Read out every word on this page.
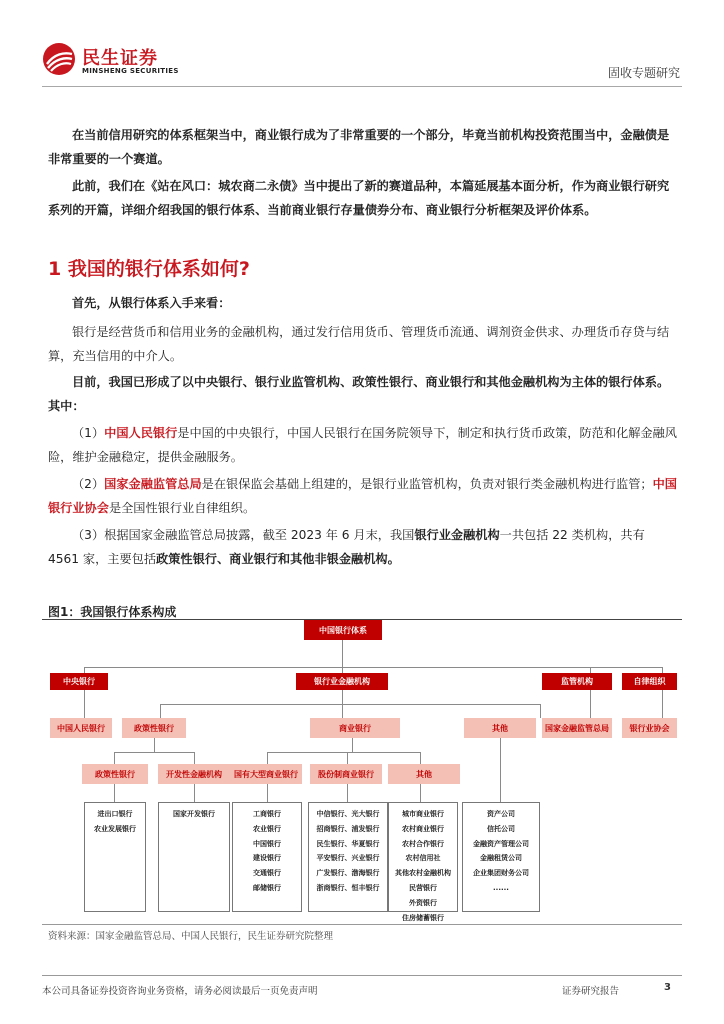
民生证券
MINSHENG SECURITIES	固收专题研究

在当前信用研究的体系框架当中，商业银行成为了非常重要的一个部分，毕竟当前机构投资范围当中，金融债是非常重要的一个赛道。

此前，我们在《站在风口：城农商二永债》当中提出了新的赛道品种，本篇延展基本面分析，作为商业银行研究系列的开篇，详细介绍我国的银行体系、当前商业银行存量债券分布、商业银行分析框架及评价体系。

1 我国的银行体系如何?

首先，从银行体系入手来看：

银行是经营货币和信用业务的金融机构，通过发行信用货币、管理货币流通、调剂资金供求、办理货币存贷与结算，充当信用的中介人。

目前，我国已形成了以中央银行、银行业监管机构、政策性银行、商业银行和其他金融机构为主体的银行体系。其中：

（1）中国人民银行是中国的中央银行，中国人民银行在国务院领导下，制定和执行货币政策，防范和化解金融风险，维护金融稳定，提供金融服务。

（2）国家金融监管总局是在银保监会基础上组建的，是银行业监管机构，负责对银行类金融机构进行监管；中国银行业协会是全国性银行业自律组织。

（3）根据国家金融监管总局披露，截至 2023 年 6 月末，我国银行业金融机构一共包括 22 类机构，共有 4561 家，主要包括政策性银行、商业银行和其他非银金融机构。

图1：我国银行体系构成
中国银行体系
中央银行	银行业金融机构	监管机构	自律组织
中国人民银行	政策性银行	商业银行	其他	国家金融监管总局	银行业协会
政策性银行	开发性金融机构	国有大型商业银行	股份制商业银行	其他
进出口银行
农业发展银行
国家开发银行	工商银行
农业银行
中国银行
建设银行
交通银行
邮储银行
中信银行、光大银行
招商银行、浦发银行
民生银行、华夏银行
平安银行、兴业银行
广发银行、渤海银行
浙商银行、恒丰银行
城市商业银行
农村商业银行
农村合作银行
农村信用社
其他农村金融机构
民营银行
外资银行
住房储蓄银行
资产公司
信托公司
金融资产管理公司
金融租赁公司
企业集团财务公司
......
资料来源：国家金融监管总局、中国人民银行，民生证券研究院整理
本公司具备证券投资咨询业务资格，请务必阅读最后一页免责声明	证券研究报告	3
